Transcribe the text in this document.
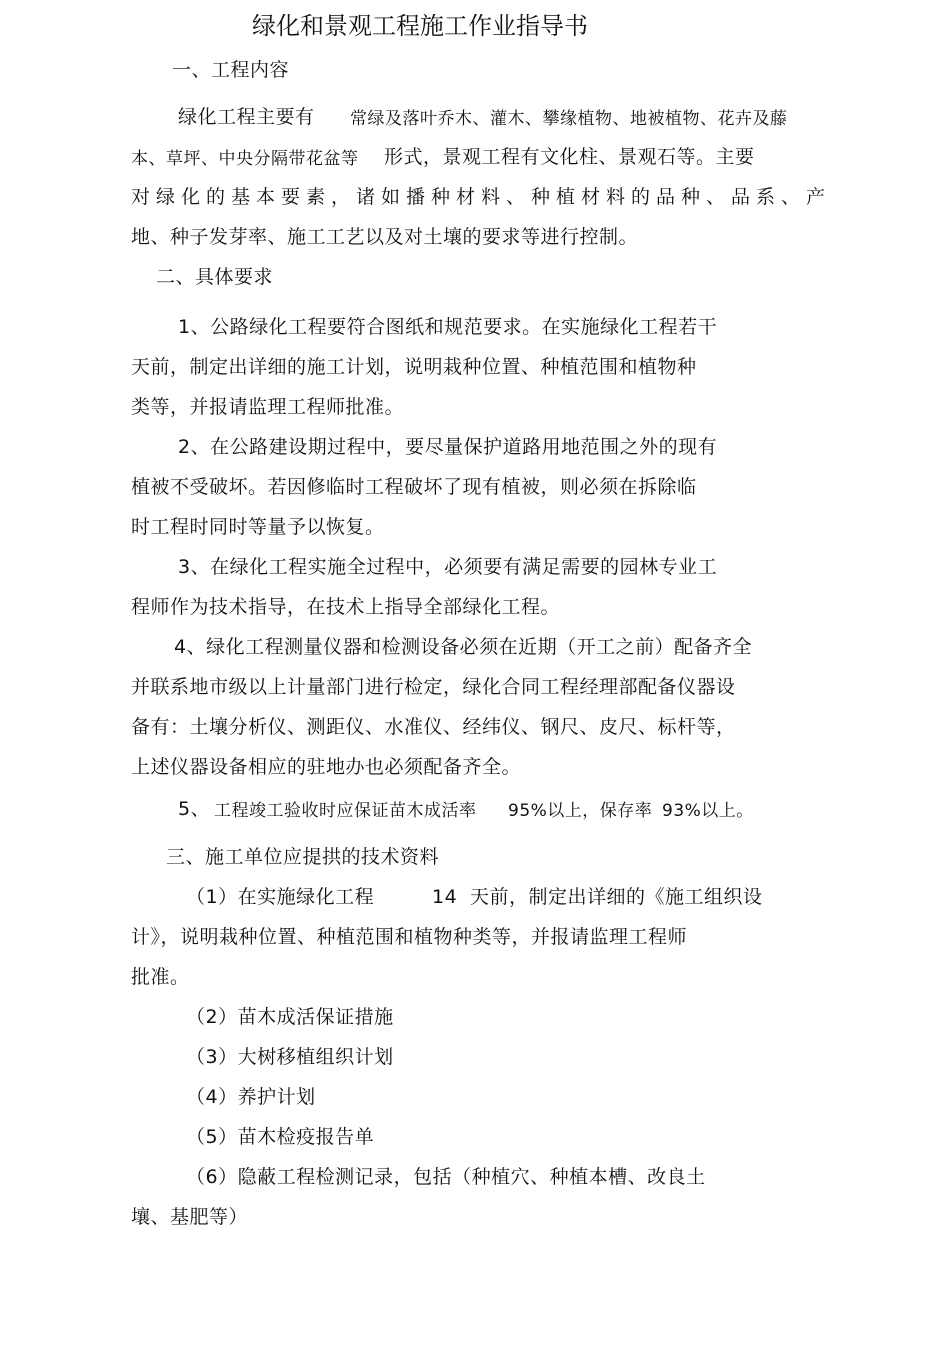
绿化和景观工程施工作业指导书
一、工程内容
绿化工程主要有 常绿及落叶乔木、灌木、攀缘植物、地被植物、花卉及藤
本、草坪、中央分隔带花盆等 形式，景观工程有文化柱、景观石等。主要
对绿化的基本要素，诸如播种材料、种植材料的品种、品系、产
地、种子发芽率、施工工艺以及对土壤的要求等进行控制。
二、具体要求
1、公路绿化工程要符合图纸和规范要求。在实施绿化工程若干
天前，制定出详细的施工计划，说明栽种位置、种植范围和植物种
类等，并报请监理工程师批准。
2、在公路建设期过程中，要尽量保护道路用地范围之外的现有
植被不受破坏。若因修临时工程破坏了现有植被，则必须在拆除临
时工程时同时等量予以恢复。
3、在绿化工程实施全过程中，必须要有满足需要的园林专业工
程师作为技术指导，在技术上指导全部绿化工程。
4、绿化工程测量仪器和检测设备必须在近期（开工之前）配备齐全
并联系地市级以上计量部门进行检定，绿化合同工程经理部配备仪器设
备有：土壤分析仪、测距仪、水准仪、经纬仪、钢尺、皮尺、标杆等，
上述仪器设备相应的驻地办也必须配备齐全。
5、 工程竣工验收时应保证苗木成活率 95%以上，保存率 93%以上。
三、施工单位应提拱的技术资料
（1）在实施绿化工程	14 天前，制定出详细的《施工组织设
计》，说明栽种位置、种植范围和植物种类等，并报请监理工程师
批准。
（2）苗木成活保证措施
（3）大树移植组织计划
（4）养护计划
（5）苗木检疫报告单
（6）隐蔽工程检测记录，包括（种植穴、种植本槽、改良土
壤、基肥等）
